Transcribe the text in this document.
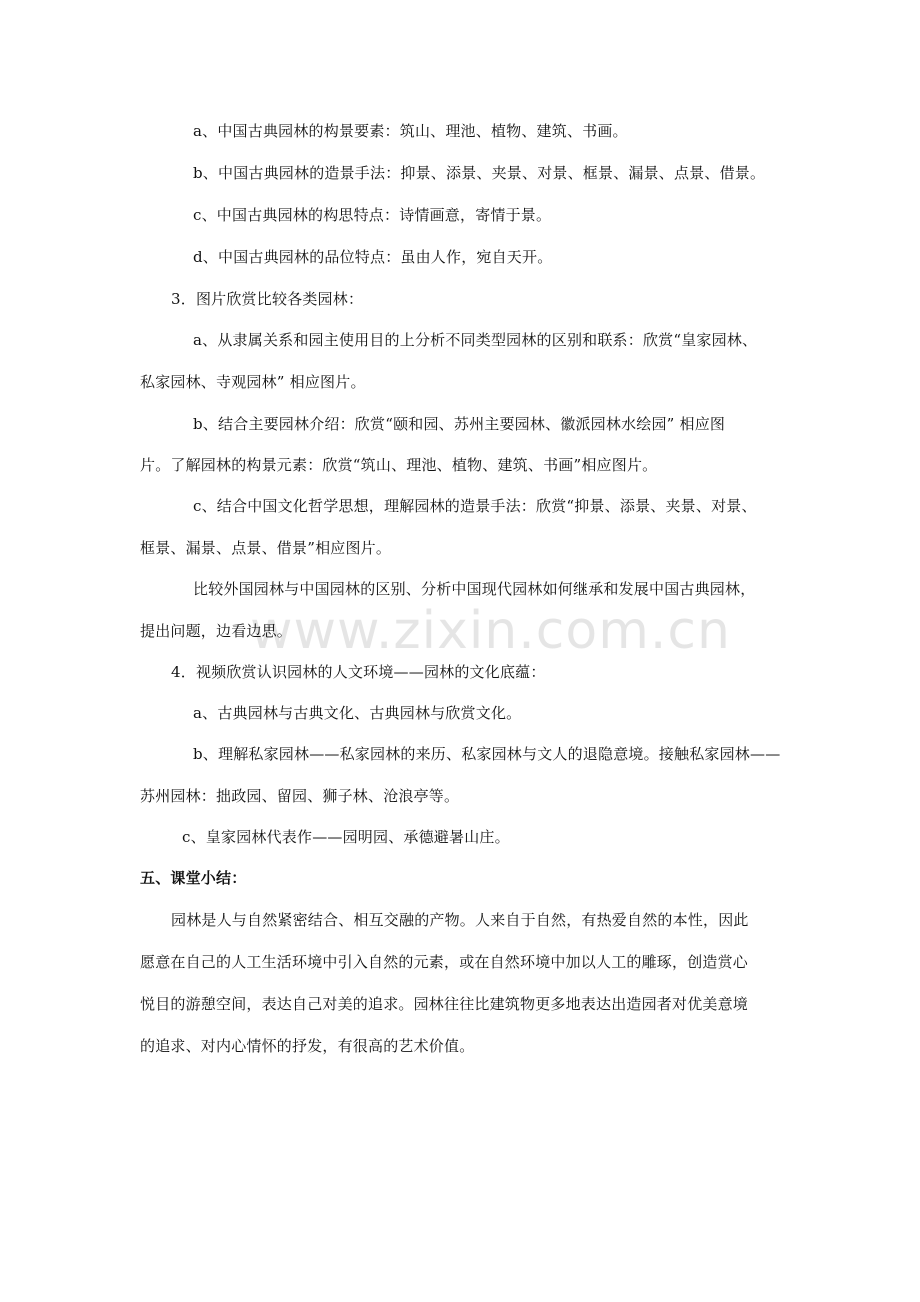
www.zixin.com.cn
a、中国古典园林的构景要素：筑山、理池、植物、建筑、书画。
b、中国古典园林的造景手法：抑景、添景、夹景、对景、框景、漏景、点景、借景。
c、中国古典园林的构思特点：诗情画意，寄情于景。
d、中国古典园林的品位特点：虽由人作，宛自天开。
3．图片欣赏比较各类园林：
a、从隶属关系和园主使用目的上分析不同类型园林的区别和联系：欣赏“皇家园林、
私家园林、寺观园林” 相应图片。
b、结合主要园林介绍：欣赏“颐和园、苏州主要园林、徽派园林水绘园” 相应图
片。了解园林的构景元素：欣赏“筑山、理池、植物、建筑、书画”相应图片。
c、结合中国文化哲学思想，理解园林的造景手法：欣赏“抑景、添景、夹景、对景、
框景、漏景、点景、借景”相应图片。
比较外国园林与中国园林的区别、分析中国现代园林如何继承和发展中国古典园林，
提出问题，边看边思。
4．视频欣赏认识园林的人文环境——园林的文化底蕴：
a、古典园林与古典文化、古典园林与欣赏文化。
b、理解私家园林——私家园林的来历、私家园林与文人的退隐意境。接触私家园林——
苏州园林：拙政园、留园、狮子林、沧浪亭等。
c、皇家园林代表作——园明园、承德避暑山庄。
五、课堂小结：
园林是人与自然紧密结合、相互交融的产物。人来自于自然，有热爱自然的本性，因此
愿意在自己的人工生活环境中引入自然的元素，或在自然环境中加以人工的雕琢，创造赏心
悦目的游憩空间，表达自己对美的追求。园林往往比建筑物更多地表达出造园者对优美意境
的追求、对内心情怀的抒发，有很高的艺术价值。
